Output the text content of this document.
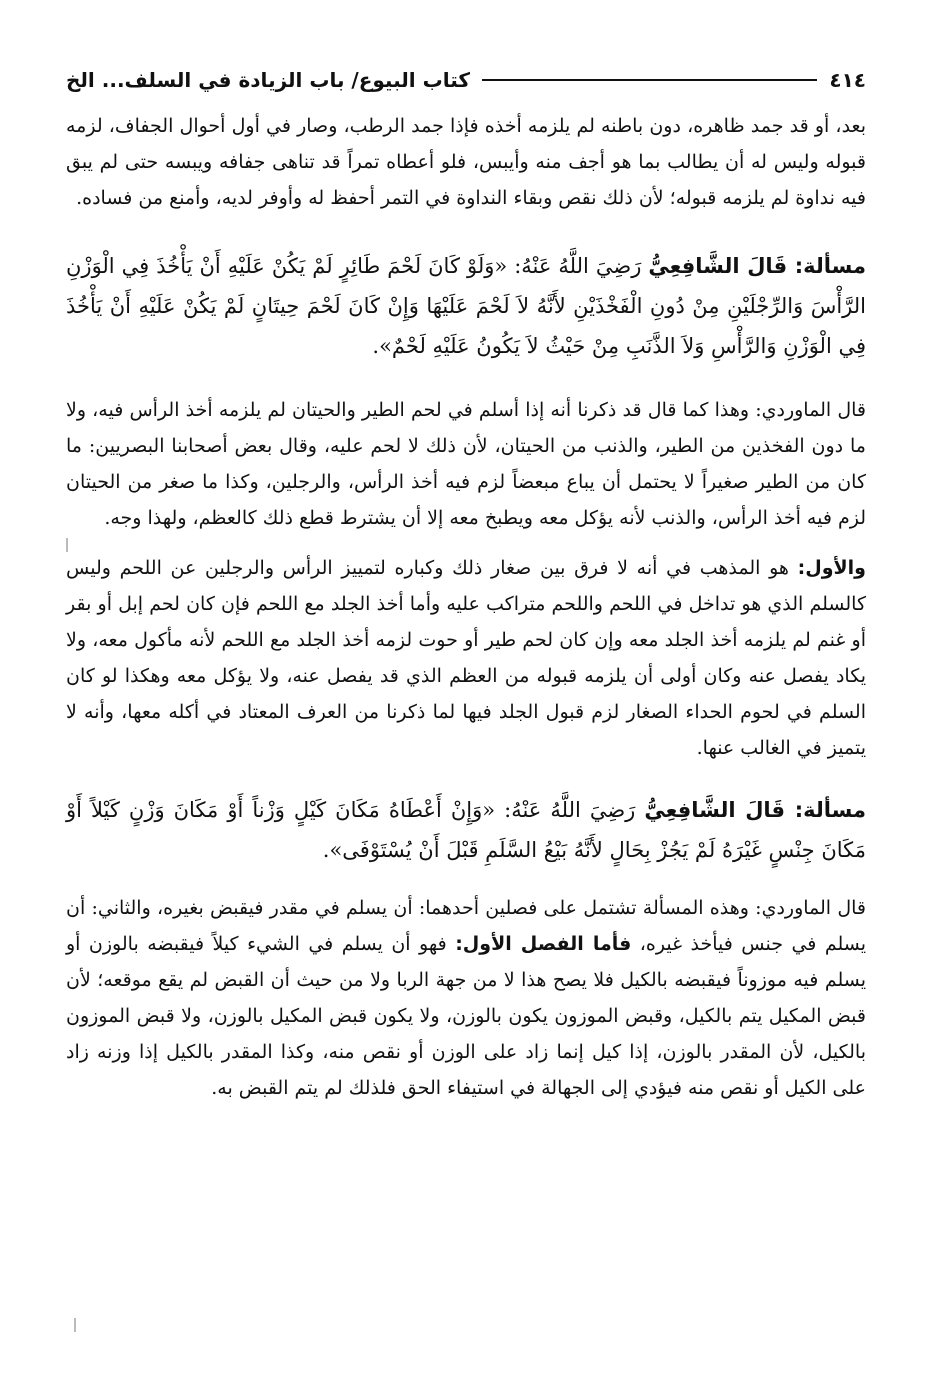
٤١٤
كتاب البيوع/ باب الزيادة في السلف... الخ

بعد، أو قد جمد ظاهره، دون باطنه لم يلزمه أخذه فإذا جمد الرطب، وصار في أول أحوال الجفاف، لزمه قبوله وليس له أن يطالب بما هو أجف منه وأيبس، فلو أعطاه تمراً قد تناهى جفافه ويبسه حتى لم يبق فيه نداوة لم يلزمه قبوله؛ لأن ذلك نقص وبقاء النداوة في التمر أحفظ له وأوفر لديه، وأمنع من فساده.

مسألة: قَالَ الشَّافِعِيُّ رَضِيَ اللَّهُ عَنْهُ: «وَلَوْ كَانَ لَحْمَ طَائِرٍ لَمْ يَكُنْ عَلَيْهِ أَنْ يَأْخُذَ فِي الْوَزْنِ الرَّأْسَ وَالرِّجْلَيْنِ مِنْ دُونِ الْفَخْذَيْنِ لأَنَّهُ لاَ لَحْمَ عَلَيْهَا وَإِنْ كَانَ لَحْمَ حِيتَانٍ لَمْ يَكُنْ عَلَيْهِ أَنْ يَأْخُذَ فِي الْوَزْنِ وَالرَّأْسِ وَلاَ الذَّنَبِ مِنْ حَيْثُ لاَ يَكُونُ عَلَيْهِ لَحْمٌ».

قال الماوردي: وهذا كما قال قد ذكرنا أنه إذا أسلم في لحم الطير والحيتان لم يلزمه أخذ الرأس فيه، ولا ما دون الفخذين من الطير، والذنب من الحيتان، لأن ذلك لا لحم عليه، وقال بعض أصحابنا البصريين: ما كان من الطير صغيراً لا يحتمل أن يباع مبعضاً لزم فيه أخذ الرأس، والرجلين، وكذا ما صغر من الحيتان لزم فيه أخذ الرأس، والذنب لأنه يؤكل معه ويطبخ معه إلا أن يشترط قطع ذلك كالعظم، ولهذا وجه.

والأول: هو المذهب في أنه لا فرق بين صغار ذلك وكباره لتمييز الرأس والرجلين عن اللحم وليس كالسلم الذي هو تداخل في اللحم واللحم متراكب عليه وأما أخذ الجلد مع اللحم فإن كان لحم إبل أو بقر أو غنم لم يلزمه أخذ الجلد معه وإن كان لحم طير أو حوت لزمه أخذ الجلد مع اللحم لأنه مأكول معه، ولا يكاد يفصل عنه وكان أولى أن يلزمه قبوله من العظم الذي قد يفصل عنه، ولا يؤكل معه وهكذا لو كان السلم في لحوم الحداء الصغار لزم قبول الجلد فيها لما ذكرنا من العرف المعتاد في أكله معها، وأنه لا يتميز في الغالب عنها.

مسألة: قَالَ الشَّافِعِيُّ رَضِيَ اللَّهُ عَنْهُ: «وَإِنْ أَعْطَاهُ مَكَانَ كَيْلٍ وَزْناً أَوْ مَكَانَ وَزْنٍ كَيْلاً أَوْ مَكَانَ جِنْسٍ غَيْرَهُ لَمْ يَجُزْ بِحَالٍ لأَنَّهُ بَيْعُ السَّلَمِ قَبْلَ أَنْ يُسْتَوْفَى».

قال الماوردي: وهذه المسألة تشتمل على فصلين أحدهما: أن يسلم في مقدر فيقبض بغيره، والثاني: أن يسلم في جنس فيأخذ غيره، فأما الفصل الأول: فهو أن يسلم في الشيء كيلاً فيقبضه بالوزن أو يسلم فيه موزوناً فيقبضه بالكيل فلا يصح هذا لا من جهة الربا ولا من حيث أن القبض لم يقع موقعه؛ لأن قبض المكيل يتم بالكيل، وقبض الموزون يكون بالوزن، ولا يكون قبض المكيل بالوزن، ولا قبض الموزون بالكيل، لأن المقدر بالوزن، إذا كيل إنما زاد على الوزن أو نقص منه، وكذا المقدر بالكيل إذا وزنه زاد على الكيل أو نقص منه فيؤدي إلى الجهالة في استيفاء الحق فلذلك لم يتم القبض به.
